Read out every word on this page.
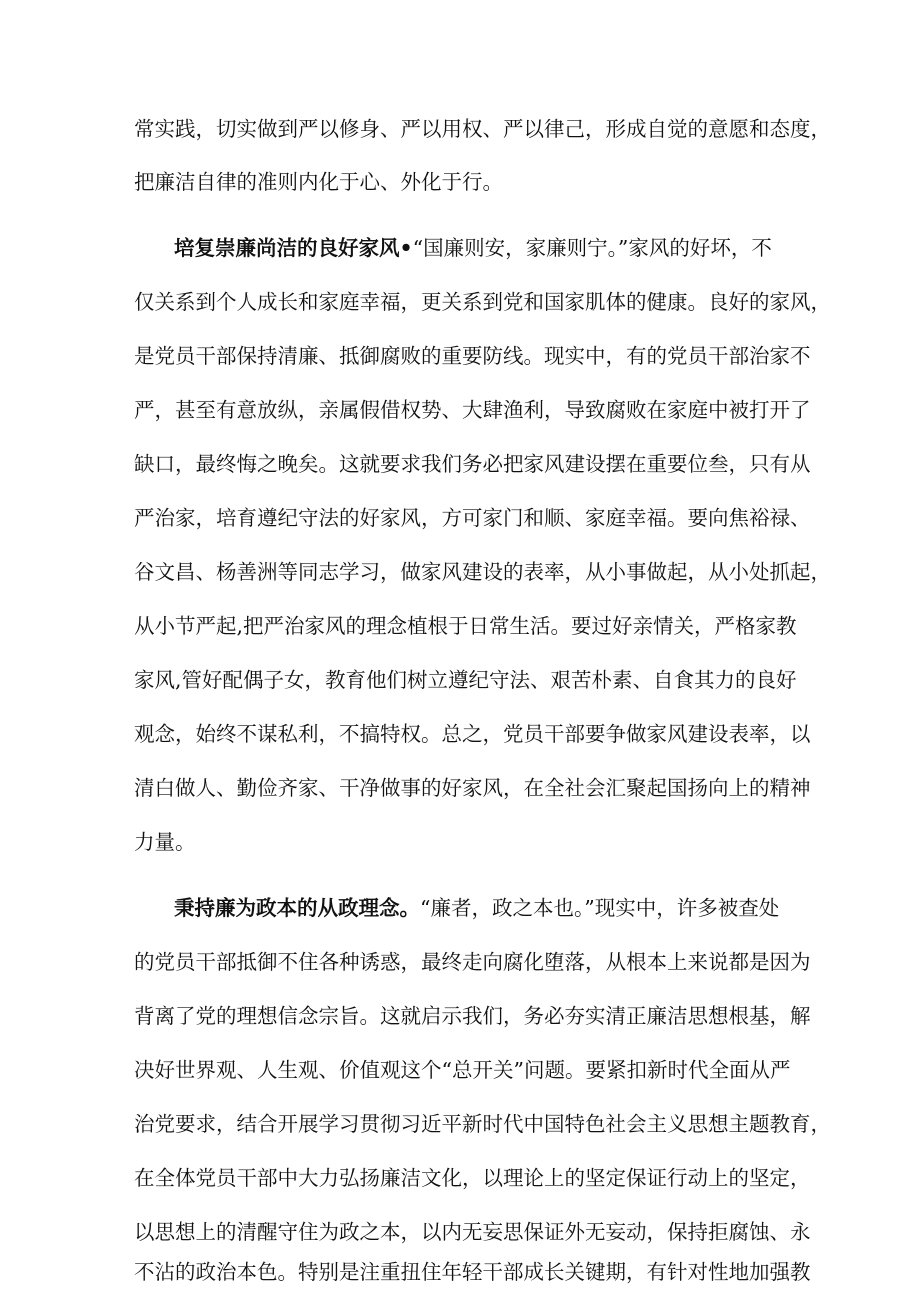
常实践，切实做到严以修身、严以用权、严以律己，形成自觉的意愿和态度，
把廉洁自律的准则内化于心、外化于行。
培复崇廉尚洁的良好家风•“国廉则安，家廉则宁。”家风的好坏，不
仅关系到个人成长和家庭幸福，更关系到党和国家肌体的健康。良好的家风，
是党员干部保持清廉、抵御腐败的重要防线。现实中，有的党员干部治家不
严，甚至有意放纵，亲属假借权势、大肆渔利，导致腐败在家庭中被打开了
缺口，最终悔之晚矣。这就要求我们务必把家风建设摆在重要位叁，只有从
严治家，培育遵纪守法的好家风，方可家门和顺、家庭幸福。要向焦裕禄、
谷文昌、杨善洲等同志学习，做家风建设的表率，从小事做起，从小处抓起，
从小节严起,把严治家风的理念植根于日常生活。要过好亲情关，严格家教
家风,管好配偶子女，教育他们树立遵纪守法、艰苦朴素、自食其力的良好
观念，始终不谋私利，不搞特权。总之，党员干部要争做家风建设表率，以
清白做人、勤俭齐家、干净做事的好家风，在全社会汇聚起国扬向上的精神
力量。
秉持廉为政本的从政理念。“廉者，政之本也。”现实中，许多被查处
的党员干部抵御不住各种诱惑，最终走向腐化堕落，从根本上来说都是因为
背离了党的理想信念宗旨。这就启示我们，务必夯实清正廉洁思想根基，解
决好世界观、人生观、价值观这个“总开关”问题。要紧扣新时代全面从严
治党要求，结合开展学习贯彻习近平新时代中国特色社会主义思想主题教育，
在全体党员干部中大力弘扬廉洁文化，以理论上的坚定保证行动上的坚定，
以思想上的清醒守住为政之本，以内无妄思保证外无妄动，保持拒腐蚀、永
不沾的政治本色。特别是注重扭住年轻干部成长关键期，有针对性地加强教
